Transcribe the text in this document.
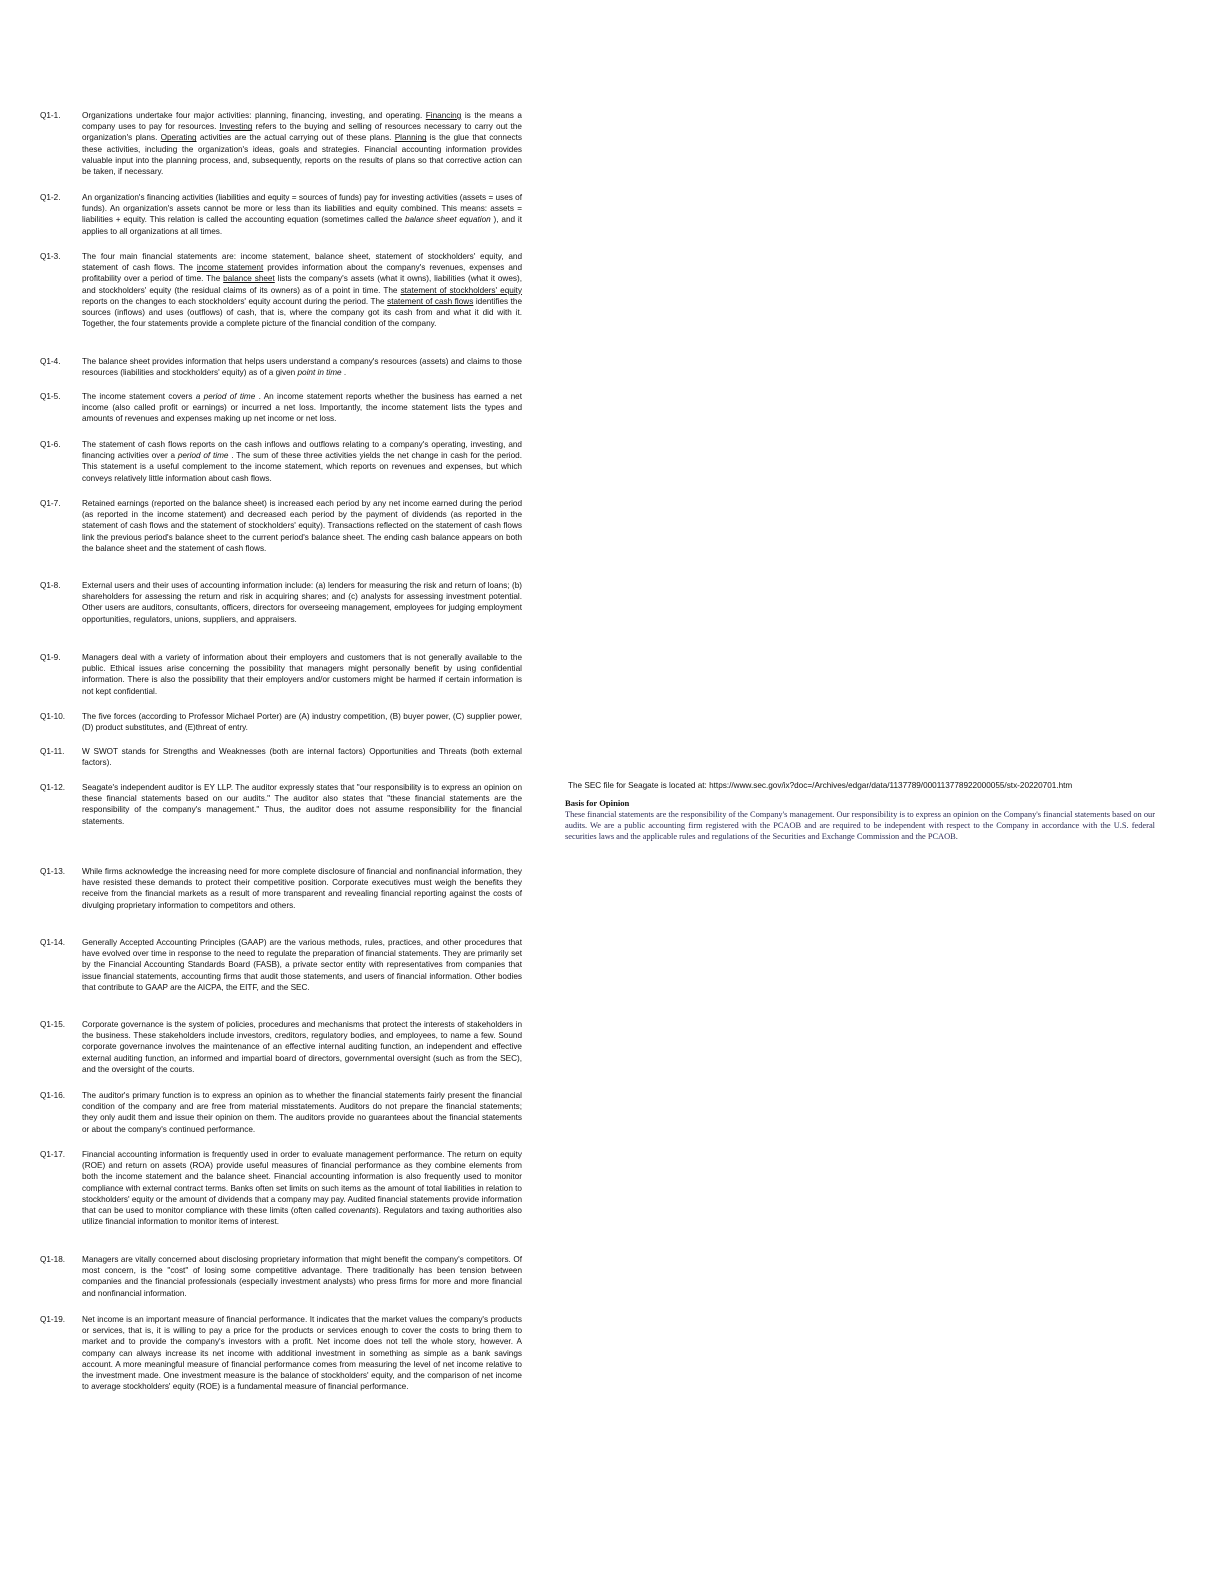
Q1-1.	Organizations undertake four major activities: planning, financing, investing, and operating. Financing is the means a company uses to pay for resources. Investing refers to the buying and selling of resources necessary to carry out the organization's plans. Operating activities are the actual carrying out of these plans. Planning is the glue that connects these activities, including the organization's ideas, goals and strategies. Financial accounting information provides valuable input into the planning process, and, subsequently, reports on the results of plans so that corrective action can be taken, if necessary.
Q1-2.	An organization's financing activities (liabilities and equity = sources of funds) pay for investing activities (assets = uses of funds). An organization's assets cannot be more or less than its liabilities and equity combined. This means: assets = liabilities + equity. This relation is called the accounting equation (sometimes called the balance sheet equation ), and it applies to all organizations at all times.
Q1-3.	The four main financial statements are: income statement, balance sheet, statement of stockholders' equity, and statement of cash flows. The income statement provides information about the company's revenues, expenses and profitability over a period of time. The balance sheet lists the company's assets (what it owns), liabilities (what it owes), and stockholders' equity (the residual claims of its owners) as of a point in time. The statement of stockholders' equity reports on the changes to each stockholders' equity account during the period. The statement of cash flows identifies the sources (inflows) and uses (outflows) of cash, that is, where the company got its cash from and what it did with it. Together, the four statements provide a complete picture of the financial condition of the company.
Q1-4.	The balance sheet provides information that helps users understand a company's resources (assets) and claims to those resources (liabilities and stockholders' equity) as of a given point in time .
Q1-5.	The income statement covers a period of time . An income statement reports whether the business has earned a net income (also called profit or earnings) or incurred a net loss. Importantly, the income statement lists the types and amounts of revenues and expenses making up net income or net loss.
Q1-6.	The statement of cash flows reports on the cash inflows and outflows relating to a company's operating, investing, and financing activities over a period of time . The sum of these three activities yields the net change in cash for the period. This statement is a useful complement to the income statement, which reports on revenues and expenses, but which conveys relatively little information about cash flows.
Q1-7.	Retained earnings (reported on the balance sheet) is increased each period by any net income earned during the period (as reported in the income statement) and decreased each period by the payment of dividends (as reported in the statement of cash flows and the statement of stockholders' equity). Transactions reflected on the statement of cash flows link the previous period's balance sheet to the current period's balance sheet. The ending cash balance appears on both the balance sheet and the statement of cash flows.
Q1-8.	External users and their uses of accounting information include: (a) lenders for measuring the risk and return of loans; (b) shareholders for assessing the return and risk in acquiring shares; and (c) analysts for assessing investment potential. Other users are auditors, consultants, officers, directors for overseeing management, employees for judging employment opportunities, regulators, unions, suppliers, and appraisers.
Q1-9.	Managers deal with a variety of information about their employers and customers that is not generally available to the public. Ethical issues arise concerning the possibility that managers might personally benefit by using confidential information. There is also the possibility that their employers and/or customers might be harmed if certain information is not kept confidential.
Q1-10.	The five forces (according to Professor Michael Porter) are (A) industry competition, (B) buyer power, (C) supplier power, (D) product substitutes, and (E)threat of entry.
Q1-11.	W SWOT stands for Strengths and Weaknesses (both are internal factors) Opportunities and Threats (both external factors).
Q1-12.	Seagate's independent auditor is EY LLP. The auditor expressly states that "our responsibility is to express an opinion on these financial statements based on our audits." The auditor also states that "these financial statements are the responsibility of the company's management." Thus, the auditor does not assume responsibility for the financial statements.
Q1-13.	While firms acknowledge the increasing need for more complete disclosure of financial and nonfinancial information, they have resisted these demands to protect their competitive position. Corporate executives must weigh the benefits they receive from the financial markets as a result of more transparent and revealing financial reporting against the costs of divulging proprietary information to competitors and others.
Q1-14.	Generally Accepted Accounting Principles (GAAP) are the various methods, rules, practices, and other procedures that have evolved over time in response to the need to regulate the preparation of financial statements. They are primarily set by the Financial Accounting Standards Board (FASB), a private sector entity with representatives from companies that issue financial statements, accounting firms that audit those statements, and users of financial information. Other bodies that contribute to GAAP are the AICPA, the EITF, and the SEC.
Q1-15.	Corporate governance is the system of policies, procedures and mechanisms that protect the interests of stakeholders in the business. These stakeholders include investors, creditors, regulatory bodies, and employees, to name a few. Sound corporate governance involves the maintenance of an effective internal auditing function, an independent and effective external auditing function, an informed and impartial board of directors, governmental oversight (such as from the SEC), and the oversight of the courts.
Q1-16.	The auditor's primary function is to express an opinion as to whether the financial statements fairly present the financial condition of the company and are free from material misstatements. Auditors do not prepare the financial statements; they only audit them and issue their opinion on them. The auditors provide no guarantees about the financial statements or about the company's continued performance.
Q1-17.	Financial accounting information is frequently used in order to evaluate management performance. The return on equity (ROE) and return on assets (ROA) provide useful measures of financial performance as they combine elements from both the income statement and the balance sheet. Financial accounting information is also frequently used to monitor compliance with external contract terms. Banks often set limits on such items as the amount of total liabilities in relation to stockholders' equity or the amount of dividends that a company may pay. Audited financial statements provide information that can be used to monitor compliance with these limits (often called covenants). Regulators and taxing authorities also utilize financial information to monitor items of interest.
Q1-18.	Managers are vitally concerned about disclosing proprietary information that might benefit the company's competitors. Of most concern, is the "cost" of losing some competitive advantage. There traditionally has been tension between companies and the financial professionals (especially investment analysts) who press firms for more and more financial and nonfinancial information.
Q1-19.	Net income is an important measure of financial performance. It indicates that the market values the company's products or services, that is, it is willing to pay a price for the products or services enough to cover the costs to bring them to market and to provide the company's investors with a profit. Net income does not tell the whole story, however. A company can always increase its net income with additional investment in something as simple as a bank savings account. A more meaningful measure of financial performance comes from measuring the level of net income relative to the investment made. One investment measure is the balance of stockholders' equity, and the comparison of net income to average stockholders' equity (ROE) is a fundamental measure of financial performance.
The SEC file for Seagate is located at: https://www.sec.gov/ix?doc=/Archives/edgar/data/1137789/000113778922000055/stx-20220701.htm
Basis for Opinion
These financial statements are the responsibility of the Company's management. Our responsibility is to express an opinion on the Company's financial statements based on our audits. We are a public accounting firm registered with the PCAOB and are required to be independent with respect to the Company in accordance with the U.S. federal securities laws and the applicable rules and regulations of the Securities and Exchange Commission and the PCAOB.
